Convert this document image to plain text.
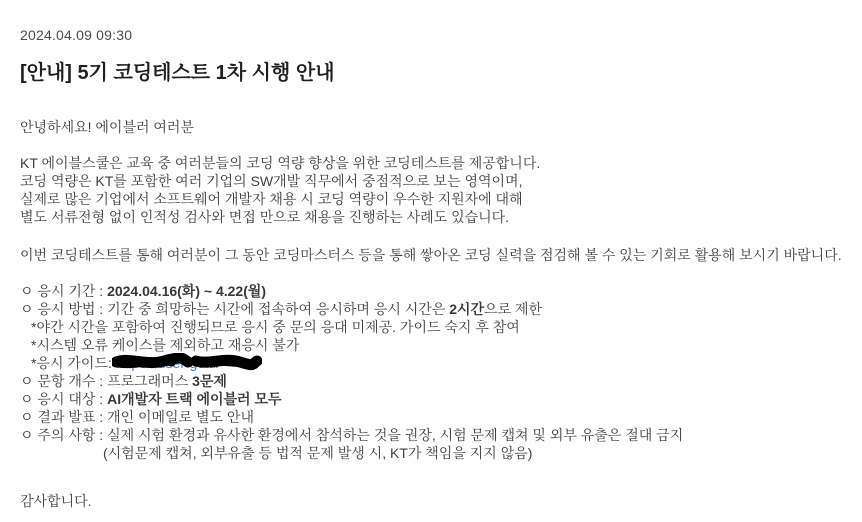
2024.04.09 09:30
[안내] 5기 코딩테스트 1차 시행 안내
안녕하세요! 에이블러 여러분
KT 에이블스쿨은 교육 중 여러분들의 코딩 역량 향상을 위한 코딩테스트를 제공합니다.
코딩 역량은 KT를 포함한 여러 기업의 SW개발 직무에서 중점적으로 보는 영역이며,
실제로 많은 기업에서 소프트웨어 개발자 채용 시 코딩 역량이 우수한 지원자에 대해
별도 서류전형 없이 인적성 검사와 면접 만으로 채용을 진행하는 사례도 있습니다.
이번 코딩테스트를 통해 여러분이 그 동안 코딩마스터스 등을 통해 쌓아온 코딩 실력을 점검해 볼 수 있는 기회로 활용해 보시기 바랍니다.
ㅇ 응시 기간 : 2024.04.16(화) ~ 4.22(월)
ㅇ 응시 방법 : 기간 중 희망하는 시간에 접속하여 응시하며 응시 시간은 2시간으로 제한
*야간 시간을 포함하여 진행되므로 응시 중 문의 응대 미제공. 가이드 숙지 후 참여
*시스템 오류 케이스를 제외하고 재응시 불가
*응시 가이드: https://user-guid
/
ㅇ 문항 개수 : 프로그래머스 3문제
ㅇ 응시 대상 : AI개발자 트랙 에이블러 모두
ㅇ 결과 발표 : 개인 이메일로 별도 안내
ㅇ 주의 사항 : 실제 시험 환경과 유사한 환경에서 참석하는 것을 권장, 시험 문제 캡쳐 및 외부 유출은 절대 금지
(시험문제 캡쳐, 외부유출 등 법적 문제 발생 시, KT가 책임을 지지 않음)
감사합니다.
